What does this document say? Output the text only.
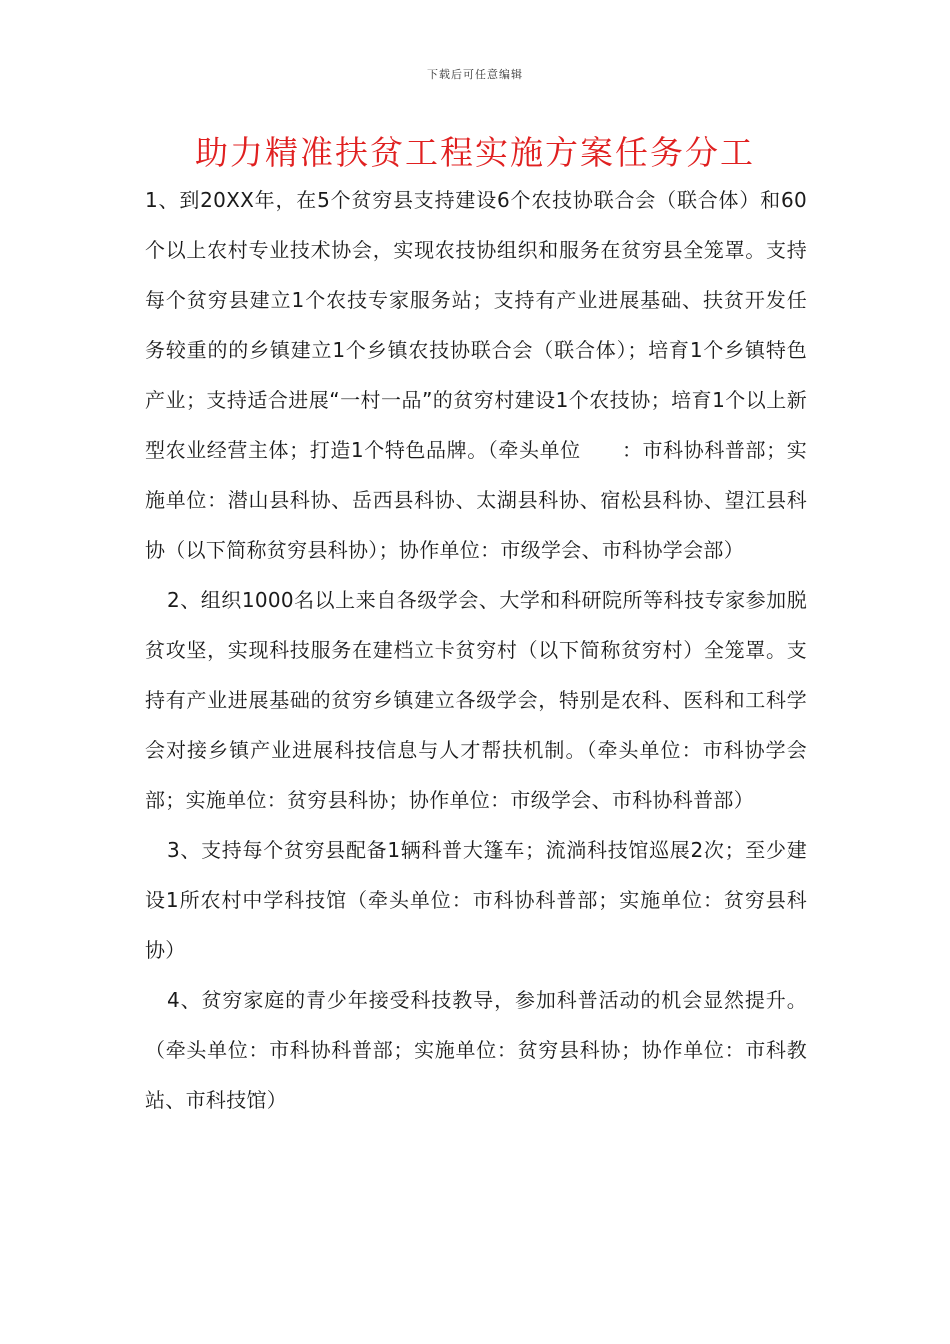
下载后可任意编辑
助力精准扶贫工程实施方案任务分工

1、到20XX年，在5个贫穷县支持建设6个农技协联合会（联合体）和60个以上农村专业技术协会，实现农技协组织和服务在贫穷县全笼罩。支持每个贫穷县建立1个农技专家服务站；支持有产业进展基础、扶贫开发任务较重的的乡镇建立1个乡镇农技协联合会（联合体）；培育1个乡镇特色产业；支持适合进展“一村一品”的贫穷村建设1个农技协；培育1个以上新型农业经营主体；打造1个特色品牌。（牵头单位　　：市科协科普部；实施单位：潜山县科协、岳西县科协、太湖县科协、宿松县科协、望江县科协（以下简称贫穷县科协）；协作单位：市级学会、市科协学会部）

2、组织1000名以上来自各级学会、大学和科研院所等科技专家参加脱贫攻坚，实现科技服务在建档立卡贫穷村（以下简称贫穷村）全笼罩。支持有产业进展基础的贫穷乡镇建立各级学会，特别是农科、医科和工科学会对接乡镇产业进展科技信息与人才帮扶机制。（牵头单位：市科协学会部；实施单位：贫穷县科协；协作单位：市级学会、市科协科普部）

3、支持每个贫穷县配备1辆科普大篷车；流淌科技馆巡展2次；至少建设1所农村中学科技馆（牵头单位：市科协科普部；实施单位：贫穷县科协）

4、贫穷家庭的青少年接受科技教导，参加科普活动的机会显然提升。（牵头单位：市科协科普部；实施单位：贫穷县科协；协作单位：市科教站、市科技馆）
